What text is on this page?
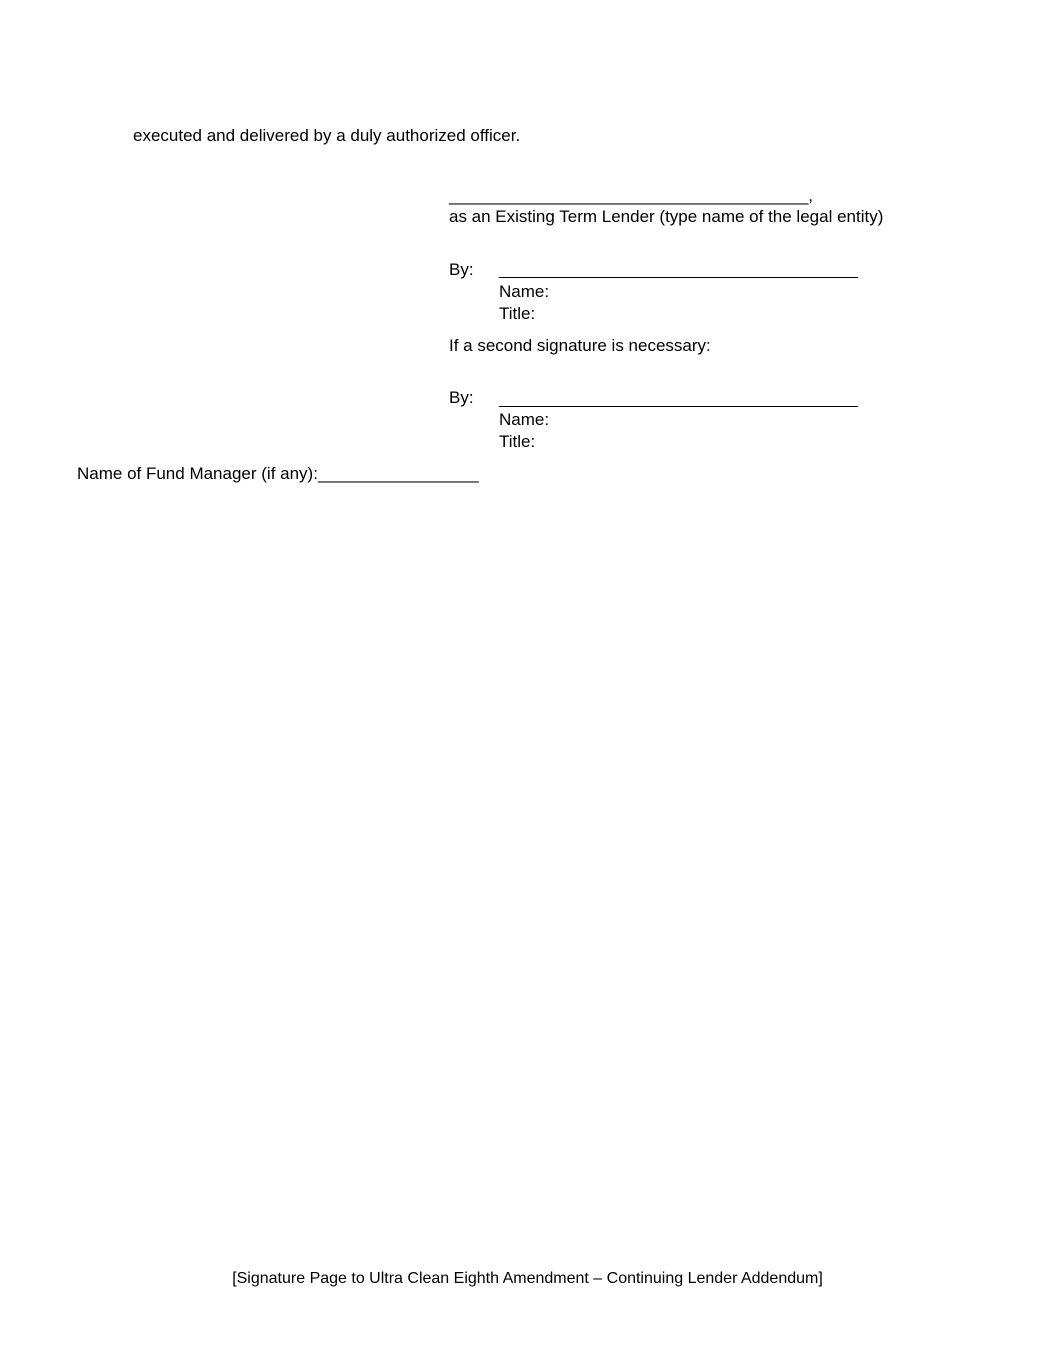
executed and delivered by a duly authorized officer.
______________________________________,
as an Existing Term Lender (type name of the legal entity)
By:
Name:
Title:
If a second signature is necessary:
By:
Name:
Title:
Name of Fund Manager (if any):_________________
[Signature Page to Ultra Clean Eighth Amendment – Continuing Lender Addendum]
